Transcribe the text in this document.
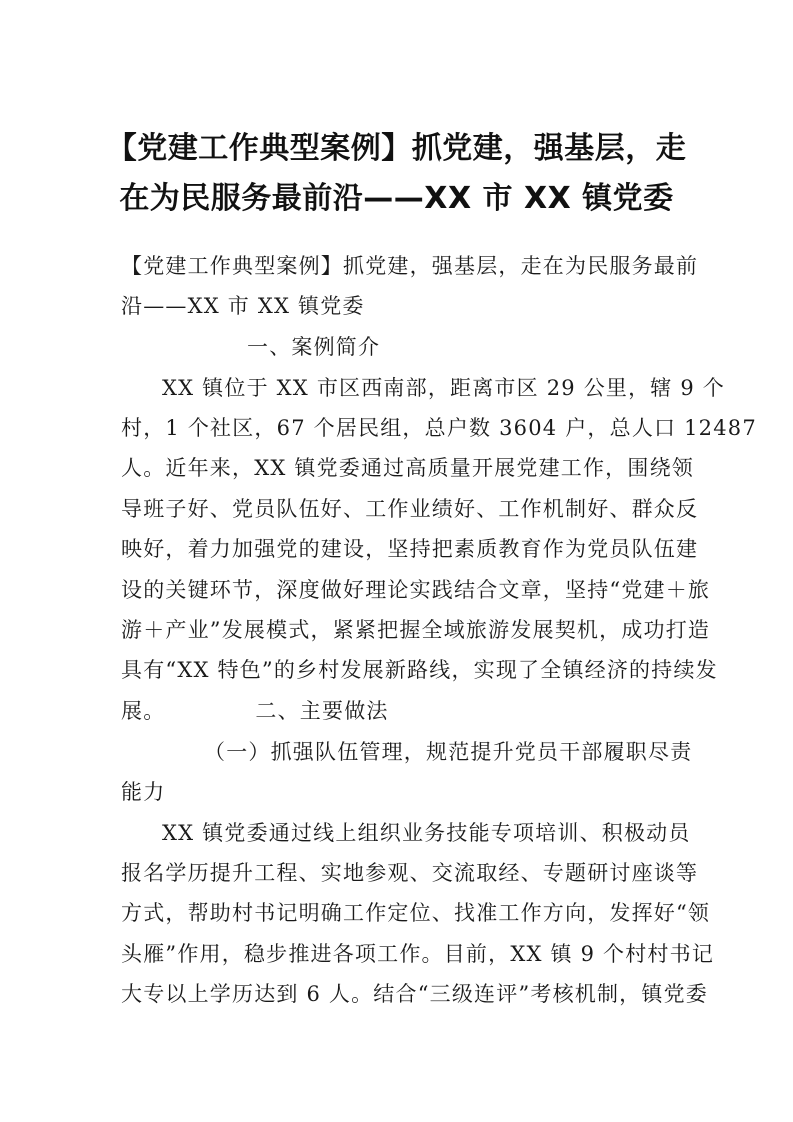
【党建工作典型案例】抓党建，强基层，走
在为民服务最前沿——XX 市 XX 镇党委

【党建工作典型案例】抓党建，强基层，走在为民服务最前

沿——XX 市 XX 镇党委

一、案例简介

XX 镇位于 XX 市区西南部，距离市区 29 公里，辖 9 个

村，1 个社区，67 个居民组，总户数 3604 户，总人口 12487

人。近年来，XX 镇党委通过高质量开展党建工作，围绕领

导班子好、党员队伍好、工作业绩好、工作机制好、群众反

映好，着力加强党的建设，坚持把素质教育作为党员队伍建

设的关键环节，深度做好理论实践结合文章，坚持“党建＋旅

游＋产业”发展模式，紧紧把握全域旅游发展契机，成功打造

具有“XX 特色”的乡村发展新路线，实现了全镇经济的持续发

展。	二、主要做法

（一）抓强队伍管理，规范提升党员干部履职尽责

能力

XX 镇党委通过线上组织业务技能专项培训、积极动员

报名学历提升工程、实地参观、交流取经、专题研讨座谈等

方式，帮助村书记明确工作定位、找准工作方向，发挥好“领

头雁”作用，稳步推进各项工作。目前，XX 镇 9 个村村书记

大专以上学历达到 6 人。结合“三级连评”考核机制，镇党委
